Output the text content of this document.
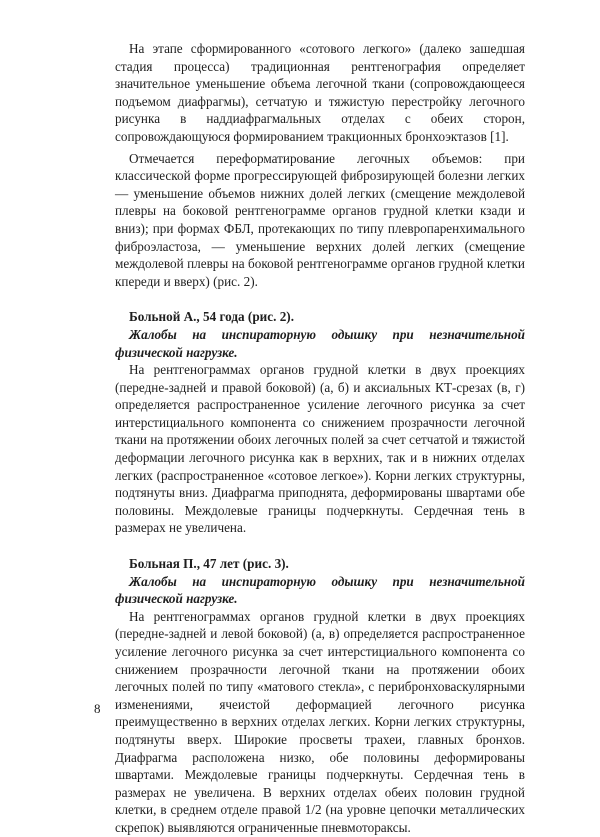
На этапе сформированного «сотового легкого» (далеко зашедшая стадия процесса) традиционная рентгенография определяет значительное уменьшение объема легочной ткани (сопровождающееся подъемом диафрагмы), сетчатую и тяжистую перестройку легочного рисунка в наддиафрагмальных отделах с обеих сторон, сопровождающуюся формированием тракционных бронхоэктазов [1].

Отмечается переформатирование легочных объемов: при классической форме прогрессирующей фиброзирующей болезни легких — уменьшение объемов нижних долей легких (смещение междолевой плевры на боковой рентгенограмме органов грудной клетки кзади и вниз); при формах ФБЛ, протекающих по типу плевропаренхимального фиброэластоза, — уменьшение верхних долей легких (смещение междолевой плевры на боковой рентгенограмме органов грудной клетки кпереди и вверх) (рис. 2).

Больной А., 54 года (рис. 2).

Жалобы на инспираторную одышку при незначительной физической нагрузке.

На рентгенограммах органов грудной клетки в двух проекциях (передне-задней и правой боковой) (а, б) и аксиальных КТ-срезах (в, г) определяется распространенное усиление легочного рисунка за счет интерстициального компонента со снижением прозрачности легочной ткани на протяжении обоих легочных полей за счет сетчатой и тяжистой деформации легочного рисунка как в верхних, так и в нижних отделах легких (распространенное «сотовое легкое»). Корни легких структурны, подтянуты вниз. Диафрагма приподнята, деформированы швартами обе половины. Междолевые границы подчеркнуты. Сердечная тень в размерах не увеличена.

Больная П., 47 лет (рис. 3).

Жалобы на инспираторную одышку при незначительной физической нагрузке.

На рентгенограммах органов грудной клетки в двух проекциях (передне-задней и левой боковой) (а, в) определяется распространенное усиление легочного рисунка за счет интерстициального компонента со снижением прозрачности легочной ткани на протяжении обоих легочных полей по типу «матового стекла», с перибронховаскулярными изменениями, ячеистой деформацией легочного рисунка преимущественно в верхних отделах легких. Корни легких структурны, подтянуты вверх. Широкие просветы трахеи, главных бронхов. Диафрагма расположена низко, обе половины деформированы швартами. Междолевые границы подчеркнуты. Сердечная тень в размерах не увеличена. В верхних отделах обеих половин грудной клетки, в среднем отделе правой 1/2 (на уровне цепочки металлических скрепок) выявляются ограниченные пневмотораксы.

8
